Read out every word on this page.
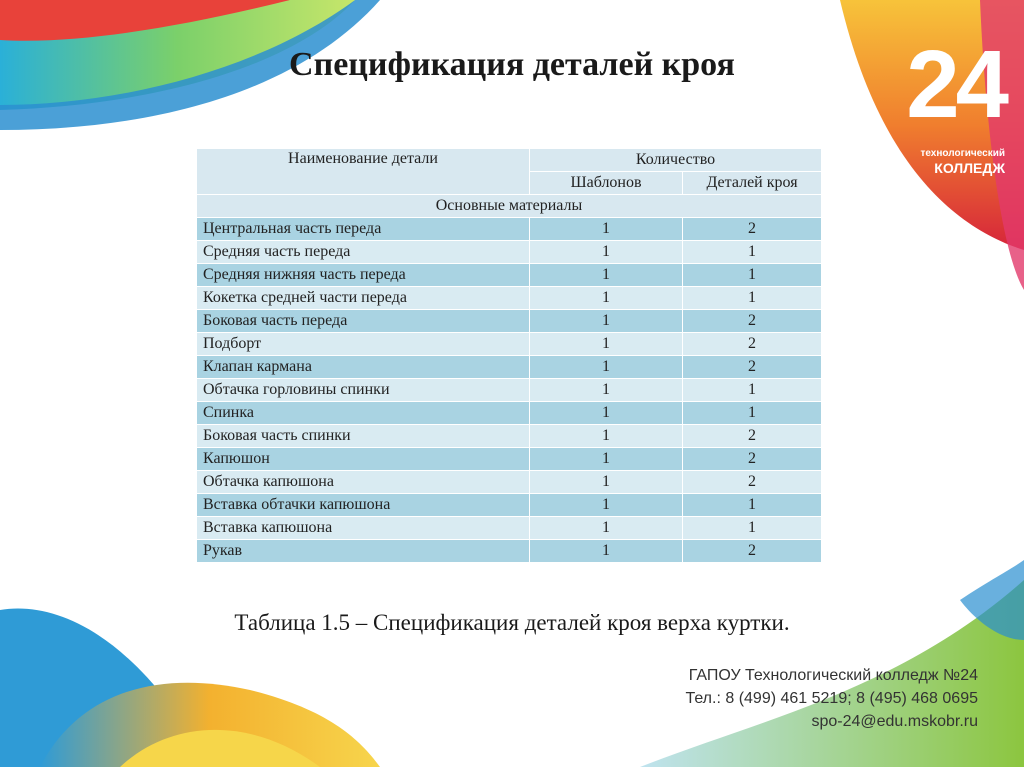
Спецификация деталей кроя	24
технологический
КОЛЛЕДЖ
Наименование детали	Количество	
	Шаблонов	Деталей кроя
Основные материалы		
Центральная часть переда	1	2
Средняя часть переда	1	1
Средняя нижняя часть переда	1	1
Кокетка средней части переда	1	1
Боковая часть переда	1	2
Подборт	1	2
Клапан кармана	1	2
Обтачка горловины спинки	1	1
Спинка	1	1
Боковая часть спинки	1	2
Капюшон	1	2
Обтачка капюшона	1	2
Вставка обтачки капюшона	1	1
Вставка капюшона	1	1
Рукав	1	2
Таблица 1.5 – Спецификация деталей кроя верха куртки.
ГАПОУ Технологический колледж №24
Тел.: 8 (499) 461 5219; 8 (495) 468 0695
spo-24@edu.mskobr.ru
